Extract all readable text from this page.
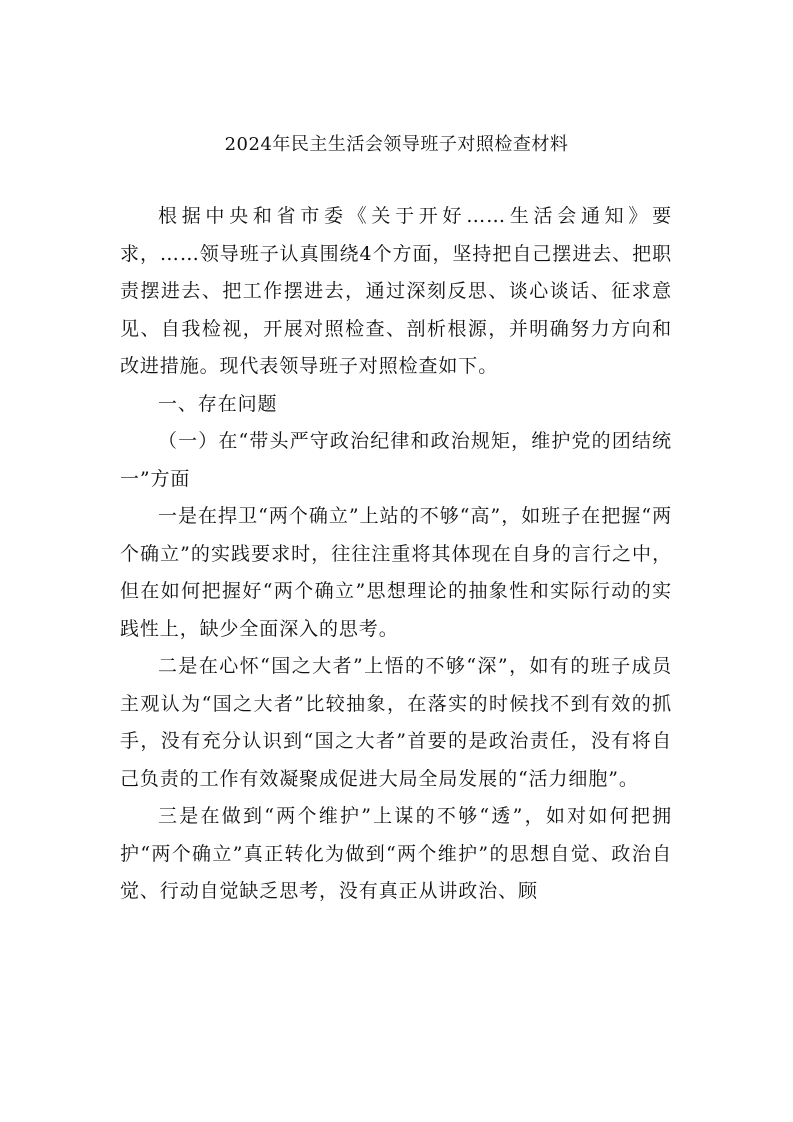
2024年民主生活会领导班子对照检查材料

根据中央和省市委《关于开好……生活会通知》要求，……领导班子认真围绕4个方面，坚持把自己摆进去、把职责摆进去、把工作摆进去，通过深刻反思、谈心谈话、征求意见、自我检视，开展对照检查、剖析根源，并明确努力方向和改进措施。现代表领导班子对照检查如下。

一、存在问题

（一）在“带头严守政治纪律和政治规矩，维护党的团结统一”方面

一是在捍卫“两个确立”上站的不够“高”，如班子在把握“两个确立”的实践要求时，往往注重将其体现在自身的言行之中，但在如何把握好“两个确立”思想理论的抽象性和实际行动的实践性上，缺少全面深入的思考。

二是在心怀“国之大者”上悟的不够“深”，如有的班子成员主观认为“国之大者”比较抽象，在落实的时候找不到有效的抓手，没有充分认识到“国之大者”首要的是政治责任，没有将自己负责的工作有效凝聚成促进大局全局发展的“活力细胞”。

三是在做到“两个维护”上谋的不够“透”，如对如何把拥护“两个确立”真正转化为做到“两个维护”的思想自觉、政治自觉、行动自觉缺乏思考，没有真正从讲政治、顾
